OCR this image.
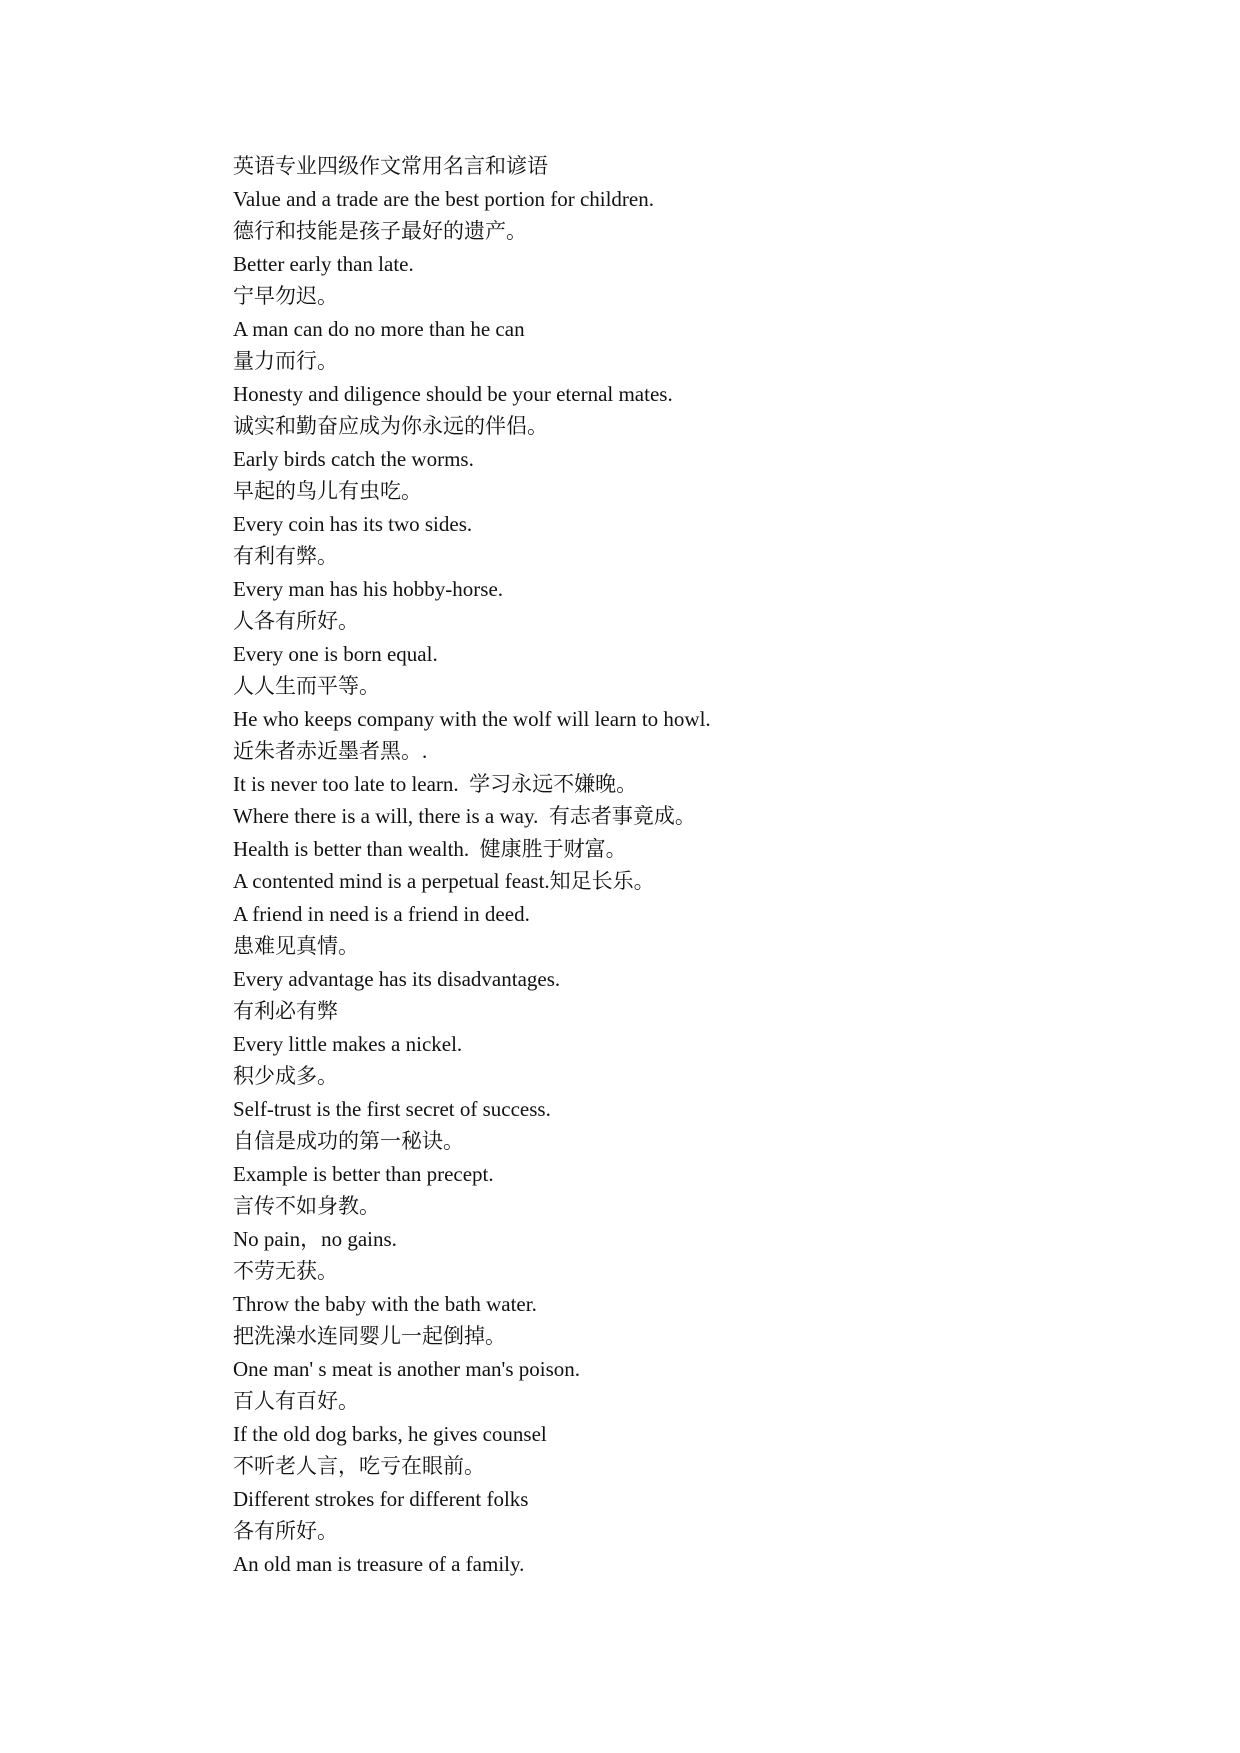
英语专业四级作文常用名言和谚语

Value and a trade are the best portion for children.

德行和技能是孩子最好的遗产。

Better early than late.

宁早勿迟。

A man can do no more than he can

量力而行。

Honesty and diligence should be your eternal mates.

诚实和勤奋应成为你永远的伴侣。

Early birds catch the worms.

早起的鸟儿有虫吃。

Every coin has its two sides.

有利有弊。

Every man has his hobby-horse.

人各有所好。

Every one is born equal.

人人生而平等。

He who keeps company with the wolf will learn to howl.

近朱者赤近墨者黑。.

It is never too late to learn.  学习永远不嫌晚。

Where there is a will, there is a way.  有志者事竟成。

Health is better than wealth.  健康胜于财富。

A contented mind is a perpetual feast.知足长乐。

A friend in need is a friend in deed.

患难见真情。

Every advantage has its disadvantages.

有利必有弊

Every little makes a nickel.

积少成多。

Self-trust is the first secret of success.

自信是成功的第一秘诀。

Example is better than precept.

言传不如身教。

No pain，no gains.

不劳无获。

Throw the baby with the bath water.

把洗澡水连同婴儿一起倒掉。

One man' s meat is another man's poison.

百人有百好。

If the old dog barks, he gives counsel

不听老人言，吃亏在眼前。

Different strokes for different folks

各有所好。

An old man is treasure of a family.
